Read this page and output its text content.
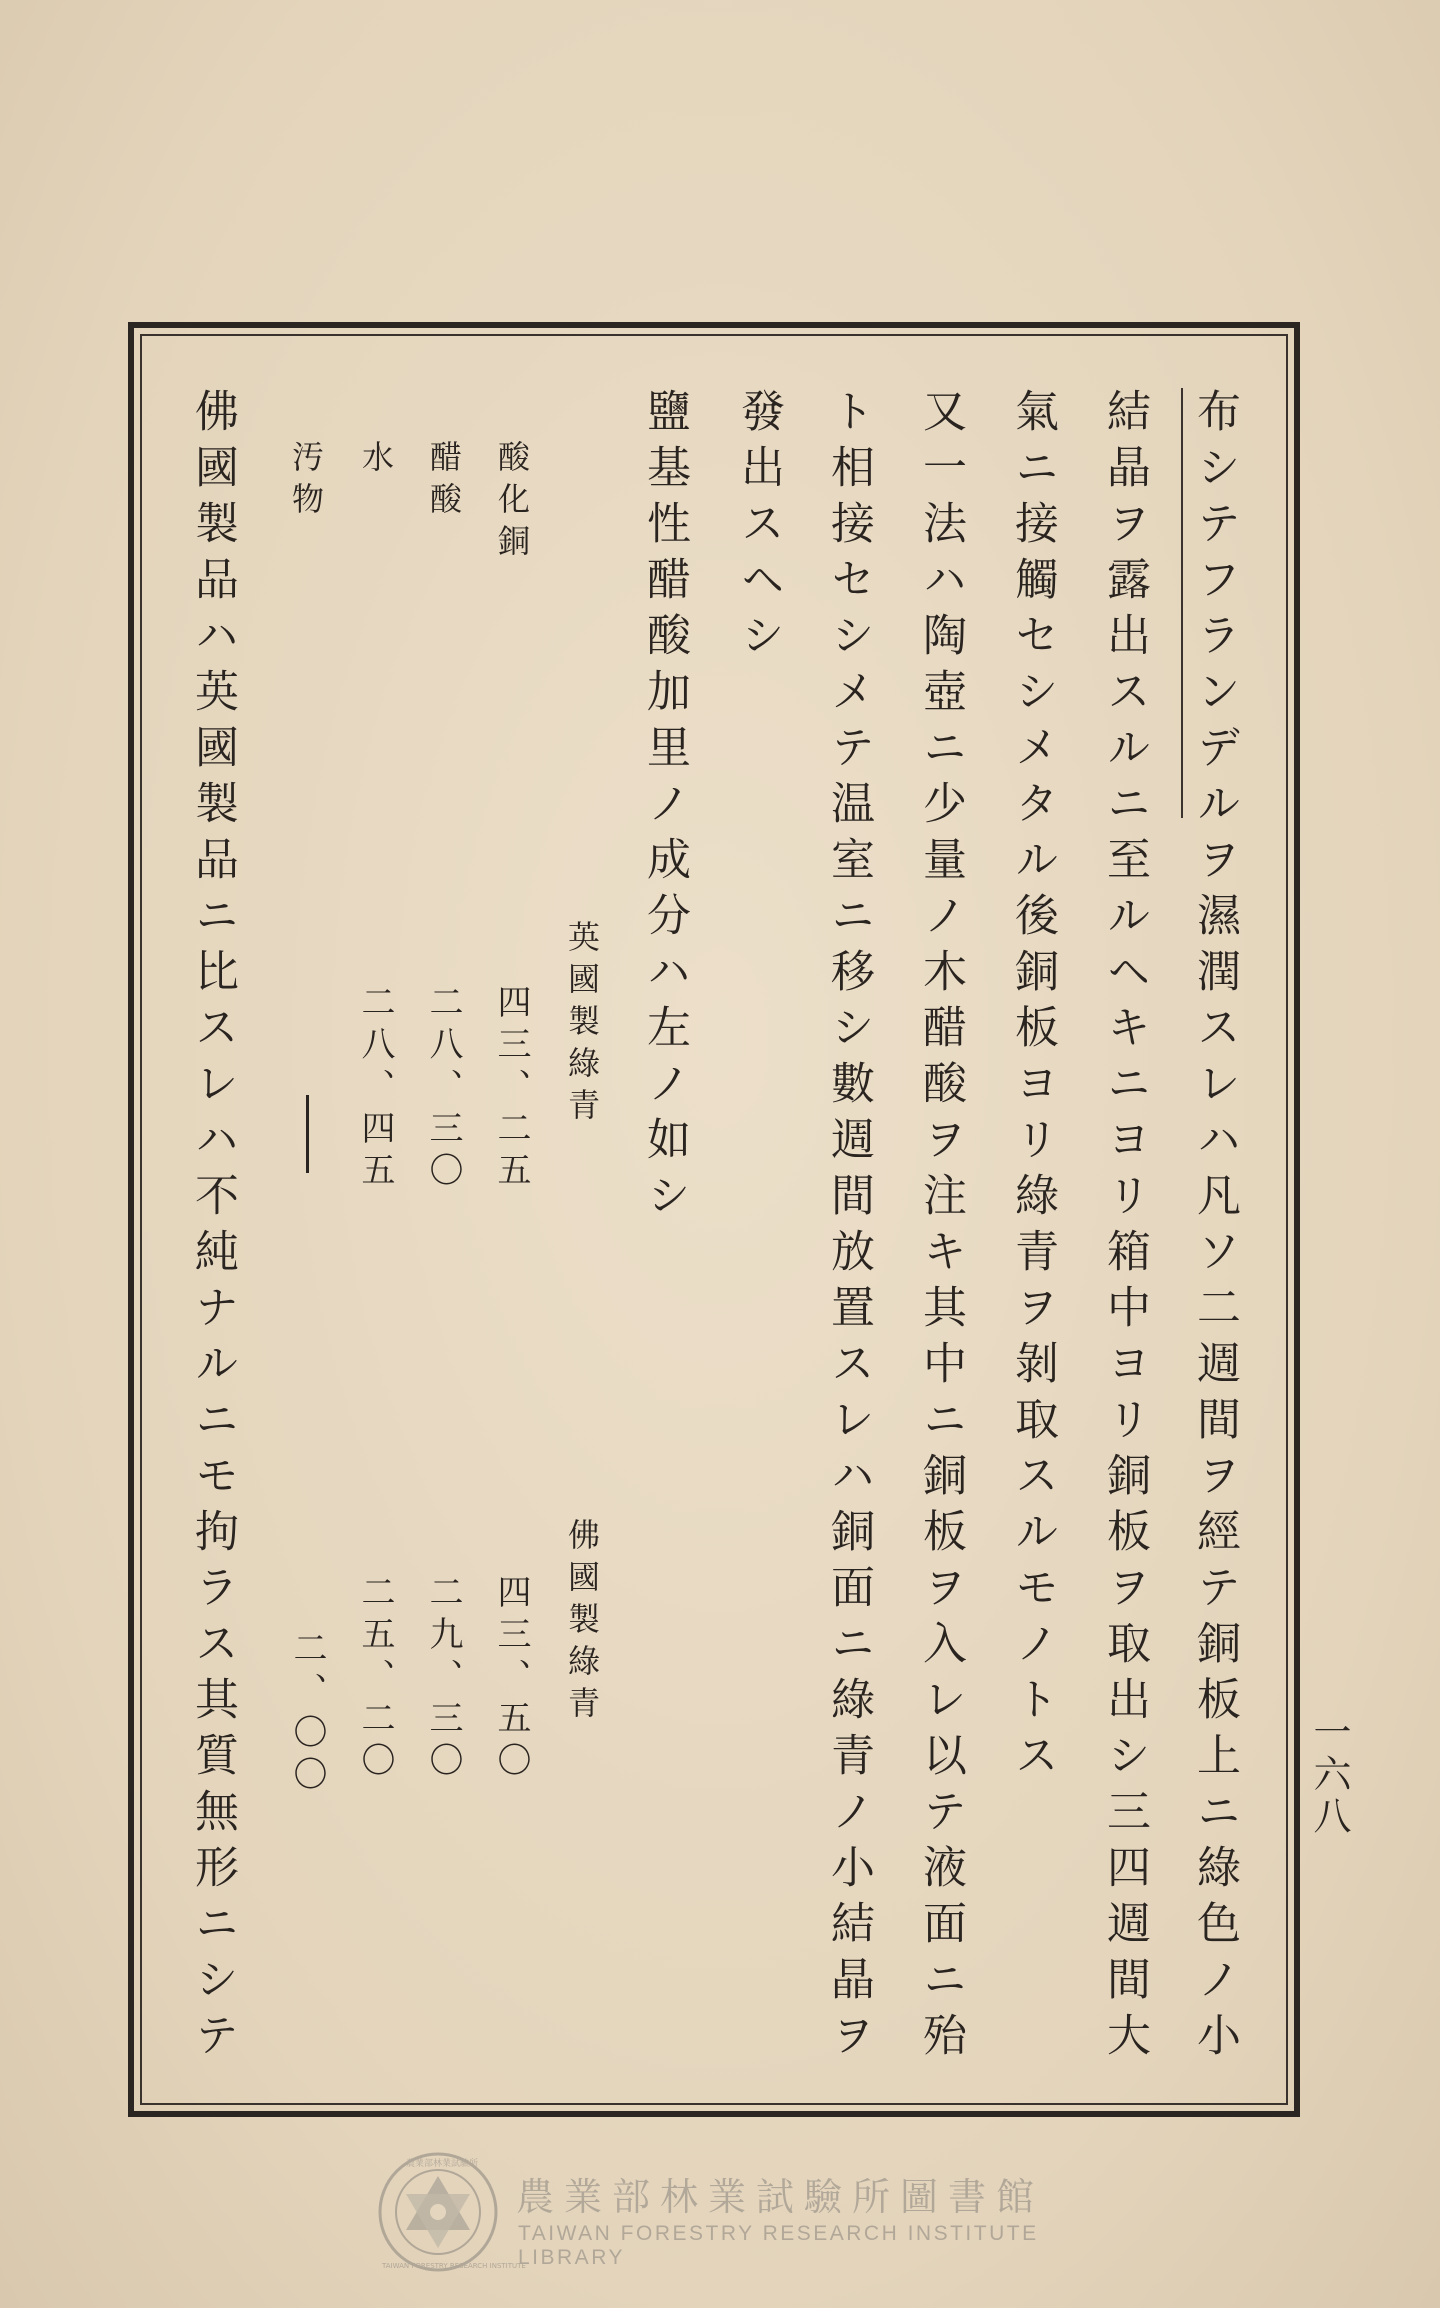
一六八
布シテフランデルヲ濕潤スレハ凡ソ二週間ヲ經テ銅板上ニ綠色ノ小
結晶ヲ露出スルニ至ルヘキニヨリ箱中ヨリ銅板ヲ取出シ三四週間大
氣ニ接觸セシメタル後銅板ヨリ綠青ヲ剝取スルモノトス
又一法ハ陶壺ニ少量ノ木醋酸ヲ注キ其中ニ銅板ヲ入レ以テ液面ニ殆
ト相接セシメテ温室ニ移シ數週間放置スレハ銅面ニ綠青ノ小結晶ヲ
發出スヘシ
鹽基性醋酸加里ノ成分ハ左ノ如シ
英國製綠青
佛國製綠青
酸化銅
醋酸
水
汚物
四三、二五
二八、三〇
二八、四五
四三、五〇
二九、三〇
二五、二〇
二、〇〇
佛國製品ハ英國製品ニ比スレハ不純ナルニモ拘ラス其質無形ニシテ
農業部林業試驗所
TAIWAN FORESTRY RESEARCH INSTITUTE
農業部林業試驗所圖書館
TAIWAN FORESTRY RESEARCH INSTITUTE LIBRARY
